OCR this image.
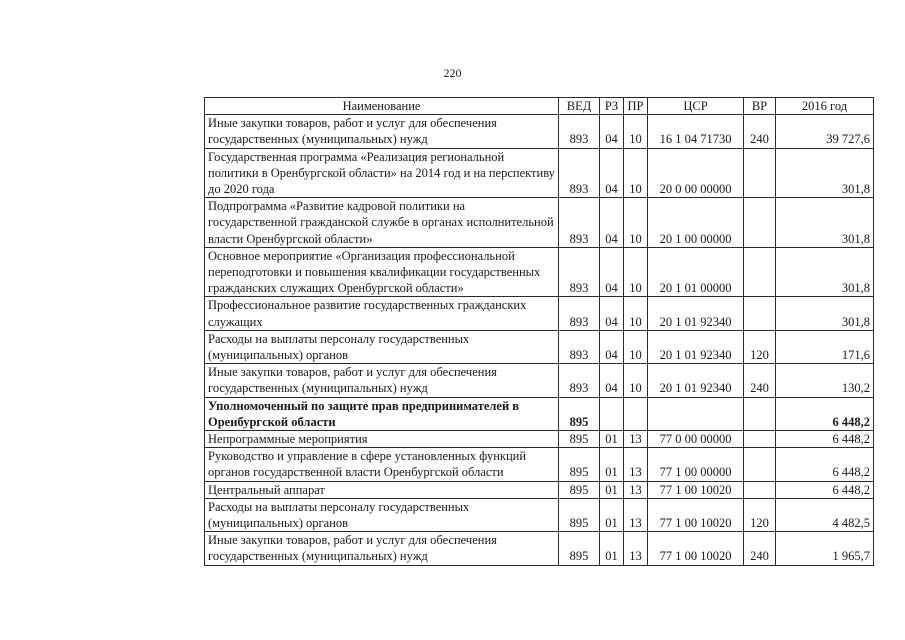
220
Наименование	ВЕД	РЗ	ПР	ЦСР	ВР	2016 год
Иные закупки товаров, работ и услуг для обеспечения государственных (муниципальных) нужд	893	04	10	16 1 04 71730	240	39 727,6
Государственная программа «Реализация региональной политики в Оренбургской области» на 2014 год и на перспективу до 2020 года	893	04	10	20 0 00 00000		301,8
Подпрограмма «Развитие кадровой политики на государственной гражданской службе в органах исполнительной власти Оренбургской области»	893	04	10	20 1 00 00000		301,8
Основное мероприятие «Организация профессиональной переподготовки и повышения квалификации государственных гражданских служащих Оренбургской области»	893	04	10	20 1 01 00000		301,8
Профессиональное развитие государственных гражданских служащих	893	04	10	20 1 01 92340		301,8
Расходы на выплаты персоналу государственных (муниципальных) органов	893	04	10	20 1 01 92340	120	171,6
Иные закупки товаров, работ и услуг для обеспечения государственных (муниципальных) нужд	893	04	10	20 1 01 92340	240	130,2
Уполномоченный по защите прав предпринимателей в Оренбургской области	895					6 448,2
Непрограммные мероприятия	895	01	13	77 0 00 00000		6 448,2
Руководство и управление в сфере установленных функций органов государственной власти Оренбургской области	895	01	13	77 1 00 00000		6 448,2
Центральный аппарат	895	01	13	77 1 00 10020		6 448,2
Расходы на выплаты персоналу государственных (муниципальных) органов	895	01	13	77 1 00 10020	120	4 482,5
Иные закупки товаров, работ и услуг для обеспечения государственных (муниципальных) нужд	895	01	13	77 1 00 10020	240	1 965,7
